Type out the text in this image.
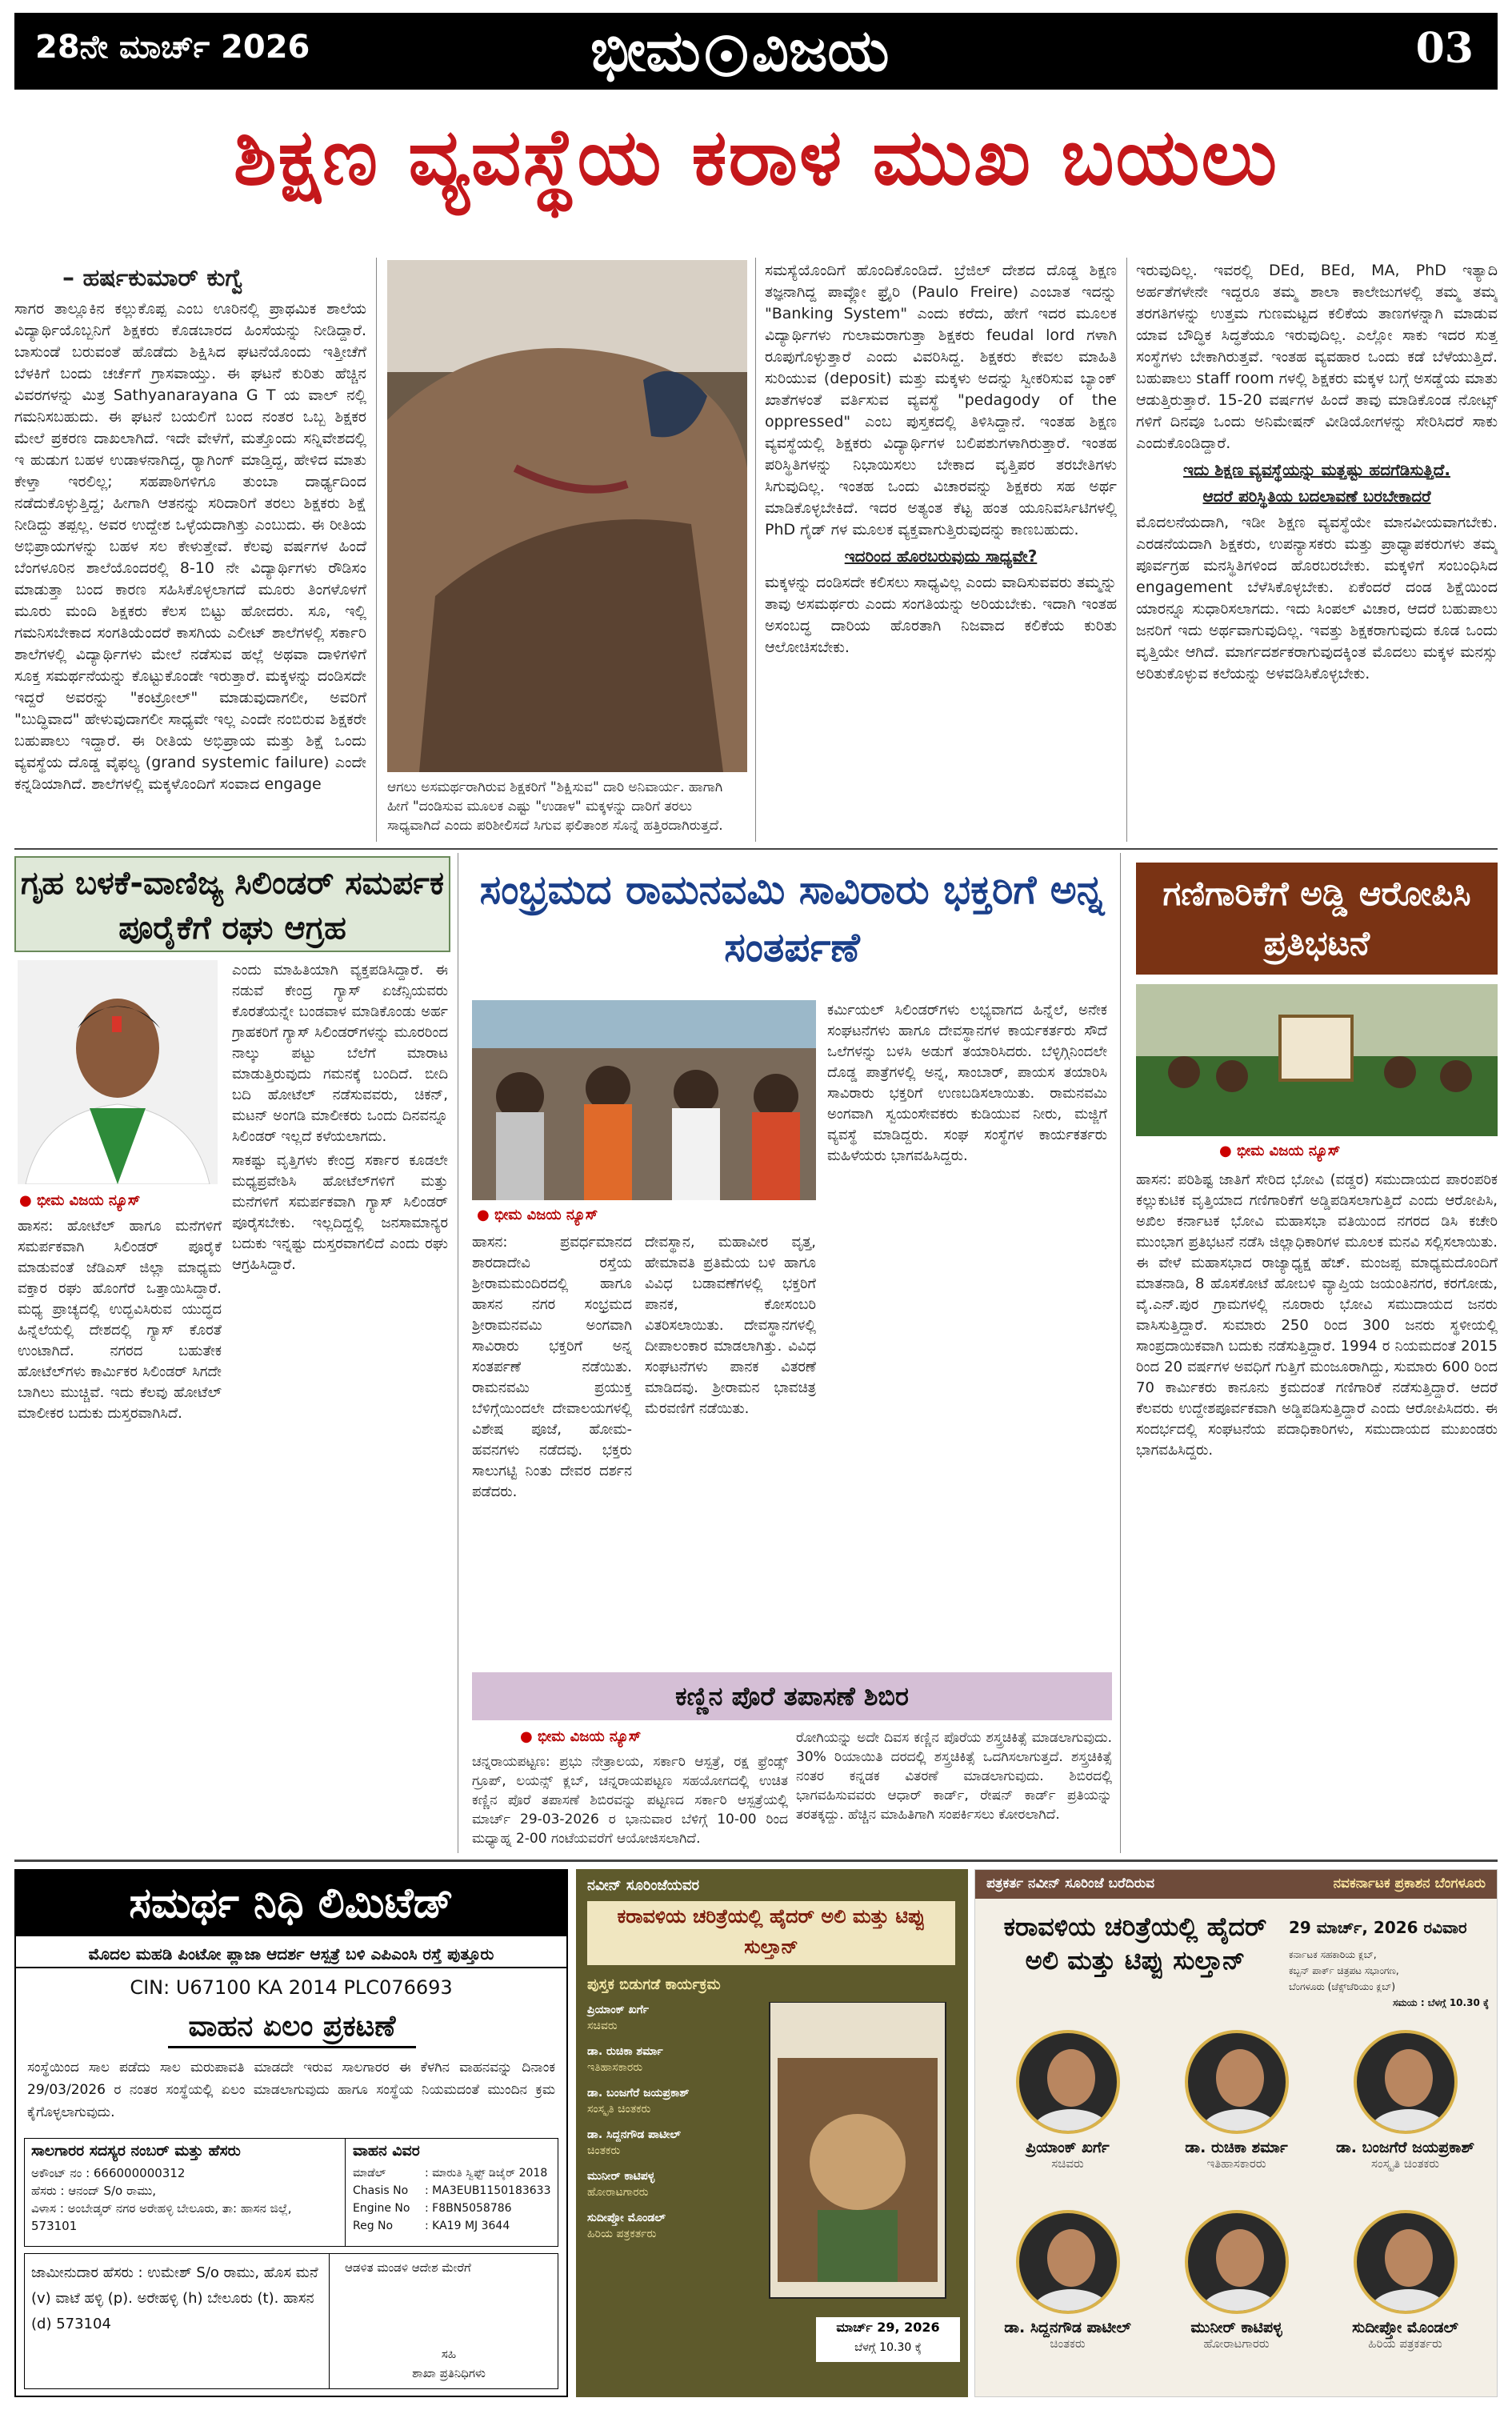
28ನೇ ಮಾರ್ಚ್ 2026	ಭೀಮ ವಿಜಯ	03
ಶಿಕ್ಷಣ ವ್ಯವಸ್ಥೆಯ ಕರಾಳ ಮುಖ ಬಯಲು
– ಹರ್ಷಕುಮಾರ್ ಕುಗ್ವೆ

ಸಾಗರ ತಾಲ್ಲೂಕಿನ ಕಲ್ಲುಕೊಪ್ಪ ಎಂಬ ಊರಿನಲ್ಲಿ ಪ್ರಾಥಮಿಕ ಶಾಲೆಯ ವಿದ್ಯಾರ್ಥಿಯೊಬ್ಬನಿಗೆ ಶಿಕ್ಷಕರು ಕೊಡಬಾರದ ಹಿಂಸೆಯನ್ನು ನೀಡಿದ್ದಾರೆ. ಬಾಸುಂಡೆ ಬರುವಂತೆ ಹೊಡೆದು ಶಿಕ್ಷಿಸಿದ ಘಟನೆಯೊಂದು ಇತ್ತೀಚೆಗೆ ಬೆಳಕಿಗೆ ಬಂದು ಚರ್ಚೆಗೆ ಗ್ರಾಸವಾಯ್ತು. ಈ ಘಟನೆ ಕುರಿತು ಹೆಚ್ಚಿನ ವಿವರಗಳನ್ನು ಮಿತ್ರ Sathyanarayana G T ಯ ವಾಲ್ ನಲ್ಲಿ ಗಮನಿಸಬಹುದು. ಈ ಘಟನೆ ಬಯಲಿಗೆ ಬಂದ ನಂತರ ಒಬ್ಬ ಶಿಕ್ಷಕರ ಮೇಲೆ ಪ್ರಕರಣ ದಾಖಲಾಗಿದೆ. ಇದೇ ವೇಳೆಗೆ, ಮತ್ತೊಂದು ಸನ್ನಿವೇಶದಲ್ಲಿ ಇ ಹುಡುಗ ಬಹಳ ಉಡಾಳನಾಗಿದ್ದ, ರ‍್ಯಾಗಿಂಗ್ ಮಾಡ್ತಿದ್ದ, ಹೇಳಿದ ಮಾತು ಕೇಳ್ತಾ ಇರಲಿಲ್ಲ; ಸಹಪಾಠಿಗಳಿಗೂ ತುಂಬಾ ದಾರ್ಢ್ಯದಿಂದ ನಡೆದುಕೊಳ್ಳುತ್ತಿದ್ದ; ಹೀಗಾಗಿ ಆತನನ್ನು ಸರಿದಾರಿಗೆ ತರಲು ಶಿಕ್ಷಕರು ಶಿಕ್ಷೆ ನೀಡಿದ್ದು ತಪ್ಪಲ್ಲ. ಅವರ ಉದ್ದೇಶ ಒಳ್ಳೆಯದಾಗಿತ್ತು ಎಂಬುದು. ಈ ರೀತಿಯ ಅಭಿಪ್ರಾಯಗಳನ್ನು ಬಹಳ ಸಲ ಕೇಳುತ್ತೇವೆ. ಕೆಲವು ವರ್ಷಗಳ ಹಿಂದೆ ಬೆಂಗಳೂರಿನ ಶಾಲೆಯೊಂದರಲ್ಲಿ 8-10 ನೇ ವಿದ್ಯಾರ್ಥಿಗಳು ರೌಡಿಸಂ ಮಾಡುತ್ತಾ ಬಂದ ಕಾರಣ ಸಹಿಸಿಕೊಳ್ಳಲಾಗದೆ ಮೂರು ತಿಂಗಳೊಳಗೆ ಮೂರು ಮಂದಿ ಶಿಕ್ಷಕರು ಕೆಲಸ ಬಿಟ್ಟು ಹೋದರು. ಸೂ, ಇಲ್ಲಿ ಗಮನಿಸಬೇಕಾದ ಸಂಗತಿಯೆಂದರೆ ಕಾಸಗಿಯ ಎಲೀಟ್ ಶಾಲೆಗಳಲ್ಲಿ ಸರ್ಕಾರಿ ಶಾಲೆಗಳಲ್ಲಿ ವಿದ್ಯಾರ್ಥಿಗಳು ಮೇಲೆ ನಡೆಸುವ ಹಲ್ಲೆ ಅಥವಾ ದಾಳಿಗಳಿಗೆ ಸೂಕ್ತ ಸಮರ್ಥನೆಯನ್ನು ಕೊಟ್ಟುಕೊಂಡೇ ಇರುತ್ತಾರೆ. ಮಕ್ಕಳನ್ನು ದಂಡಿಸದೇ ಇದ್ದರೆ ಅವರನ್ನು "ಕಂಟ್ರೋಲ್" ಮಾಡುವುದಾಗಲೀ, ಅವರಿಗೆ "ಬುದ್ಧಿವಾದ" ಹೇಳುವುದಾಗಲೀ ಸಾಧ್ಯವೇ ಇಲ್ಲ ಎಂದೇ ನಂಬಿರುವ ಶಿಕ್ಷಕರೇ ಬಹುಪಾಲು ಇದ್ದಾರೆ. ಈ ರೀತಿಯ ಅಭಿಪ್ರಾಯ ಮತ್ತು ಶಿಕ್ಷೆ ಒಂದು ವ್ಯವಸ್ಥೆಯ ದೊಡ್ಡ ವೈಫಲ್ಯ (grand systemic failure) ಎಂದೇ ಕನ್ನಡಿಯಾಗಿದೆ. ಶಾಲೆಗಳಲ್ಲಿ ಮಕ್ಕಳೊಂದಿಗೆ ಸಂವಾದ engage	ಆಗಲು ಅಸಮರ್ಥರಾಗಿರುವ ಶಿಕ್ಷಕರಿಗೆ "ಶಿಕ್ಷಿಸುವ" ದಾರಿ ಅನಿವಾರ್ಯ. ಹಾಗಾಗಿ ಹೀಗೆ "ದಂಡಿಸುವ ಮೂಲಕ ಎಷ್ಟು "ಉಡಾಳ" ಮಕ್ಕಳನ್ನು ದಾರಿಗೆ ತರಲು ಸಾಧ್ಯವಾಗಿದೆ ಎಂದು ಪರಿಶೀಲಿಸದೆ ಸಿಗುವ ಫಲಿತಾಂಶ ಸೊನ್ನೆ ಹತ್ತಿರದಾಗಿರುತ್ತದೆ.

ಸಮಸ್ಯೆಯೊಂದಿಗೆ ಹೊಂದಿಕೊಂಡಿದೆ. ಬ್ರೆಜಿಲ್ ದೇಶದ ದೊಡ್ಡ ಶಿಕ್ಷಣ ತಜ್ಞನಾಗಿದ್ದ ಪಾವ್ಲೋ ಫ್ರೈರಿ (Paulo Freire) ಎಂಬಾತ ಇದನ್ನು "Banking System" ಎಂದು ಕರೆದು, ಹೇಗೆ ಇದರ ಮೂಲಕ ವಿದ್ಯಾರ್ಥಿಗಳು ಗುಲಾಮರಾಗುತ್ತಾ ಶಿಕ್ಷಕರು feudal lord ಗಳಾಗಿ ರೂಪುಗೊಳ್ಳುತ್ತಾರೆ ಎಂದು ವಿವರಿಸಿದ್ದ. ಶಿಕ್ಷಕರು ಕೇವಲ ಮಾಹಿತಿ ಸುರಿಯುವ (deposit) ಮತ್ತು ಮಕ್ಕಳು ಅದನ್ನು ಸ್ವೀಕರಿಸುವ ಬ್ಯಾಂಕ್ ಖಾತೆಗಳಂತೆ ವರ್ತಿಸುವ ವ್ಯವಸ್ಥೆ "pedagody of the oppressed" ಎಂಬ ಪುಸ್ತಕದಲ್ಲಿ ತಿಳಿಸಿದ್ದಾನೆ. ಇಂತಹ ಶಿಕ್ಷಣ ವ್ಯವಸ್ಥೆಯಲ್ಲಿ ಶಿಕ್ಷಕರು ವಿದ್ಯಾರ್ಥಿಗಳ ಬಲಿಪಶುಗಳಾಗಿರುತ್ತಾರೆ. ಇಂತಹ ಪರಿಸ್ಥಿತಿಗಳನ್ನು ನಿಭಾಯಿಸಲು ಬೇಕಾದ ವೃತ್ತಿಪರ ತರಬೇತಿಗಳು ಸಿಗುವುದಿಲ್ಲ. ಇಂತಹ ಒಂದು ವಿಚಾರವನ್ನು ಶಿಕ್ಷಕರು ಸಹ ಅರ್ಥ ಮಾಡಿಕೊಳ್ಳಬೇಕಿದೆ. ಇದರ ಅತ್ಯಂತ ಕೆಟ್ಟ ಹಂತ ಯೂನಿವರ್ಸಿಟಿಗಳಲ್ಲಿ PhD ಗೈಡ್ ಗಳ ಮೂಲಕ ವ್ಯಕ್ತವಾಗುತ್ತಿರುವುದನ್ನು ಕಾಣಬಹುದು.

ಇದರಿಂದ ಹೊರಬರುವುದು ಸಾಧ್ಯವೇ?

ಮಕ್ಕಳನ್ನು ದಂಡಿಸದೇ ಕಲಿಸಲು ಸಾಧ್ಯವಿಲ್ಲ ಎಂದು ವಾದಿಸುವವರು ತಮ್ಮನ್ನು ತಾವು ಅಸಮರ್ಥರು ಎಂದು ಸಂಗತಿಯನ್ನು ಅರಿಯಬೇಕು. ಇದಾಗಿ ಇಂತಹ ಅಸಂಬದ್ಧ ದಾರಿಯ ಹೊರತಾಗಿ ನಿಜವಾದ ಕಲಿಕೆಯ ಕುರಿತು ಆಲೋಚಿಸಬೇಕು.

ಇರುವುದಿಲ್ಲ. ಇವರಲ್ಲಿ DEd, BEd, MA, PhD ಇತ್ಯಾದಿ ಅರ್ಹತೆಗಳೇನೇ ಇದ್ದರೂ ತಮ್ಮ ಶಾಲಾ ಕಾಲೇಜುಗಳಲ್ಲಿ ತಮ್ಮ ತಮ್ಮ ತರಗತಿಗಳನ್ನು ಉತ್ತಮ ಗುಣಮಟ್ಟದ ಕಲಿಕೆಯ ತಾಣಗಳನ್ನಾಗಿ ಮಾಡುವ ಯಾವ ಬೌದ್ಧಿಕ ಸಿದ್ಧತೆಯೂ ಇರುವುದಿಲ್ಲ. ಎಲ್ಲೋ ಸಾಕು ಇದರ ಸುತ್ತ ಸಂಸ್ಥೆಗಳು ಬೇಕಾಗಿರುತ್ತವೆ. ಇಂತಹ ವ್ಯವಹಾರ ಒಂದು ಕಡೆ ಬೆಳೆಯುತ್ತಿದೆ. ಬಹುಪಾಲು staff room ಗಳಲ್ಲಿ ಶಿಕ್ಷಕರು ಮಕ್ಕಳ ಬಗ್ಗೆ ಅಸಡ್ಡೆಯ ಮಾತು ಆಡುತ್ತಿರುತ್ತಾರೆ. 15-20 ವರ್ಷಗಳ ಹಿಂದೆ ತಾವು ಮಾಡಿಕೊಂಡ ನೋಟ್ಸ್ ಗಳಿಗೆ ದಿನವೂ ಒಂದು ಅನಿಮೇಷನ್ ವೀಡಿಯೋಗಳನ್ನು ಸೇರಿಸಿದರೆ ಸಾಕು ಎಂದುಕೊಂಡಿದ್ದಾರೆ.

ಇದು ಶಿಕ್ಷಣ ವ್ಯವಸ್ಥೆಯನ್ನು ಮತ್ತಷ್ಟು ಹದಗೆಡಿಸುತ್ತಿದೆ.
ಆದರೆ ಪರಿಸ್ಥಿತಿಯ ಬದಲಾವಣೆ ಬರಬೇಕಾದರೆ

ಮೊದಲನೆಯದಾಗಿ, ಇಡೀ ಶಿಕ್ಷಣ ವ್ಯವಸ್ಥೆಯೇ ಮಾನವೀಯವಾಗಬೇಕು. ಎರಡನೆಯದಾಗಿ ಶಿಕ್ಷಕರು, ಉಪನ್ಯಾಸಕರು ಮತ್ತು ಪ್ರಾಧ್ಯಾಪಕರುಗಳು ತಮ್ಮ ಪೂರ್ವಗ್ರಹ ಮನಸ್ಥಿತಿಗಳಿಂದ ಹೊರಬರಬೇಕು. ಮಕ್ಕಳಿಗೆ ಸಂಬಂಧಿಸಿದ engagement ಬೆಳೆಸಿಕೊಳ್ಳಬೇಕು. ಏಕೆಂದರೆ ದಂಡ ಶಿಕ್ಷೆಯಿಂದ ಯಾರನ್ನೂ ಸುಧಾರಿಸಲಾಗದು. ಇದು ಸಿಂಪಲ್ ವಿಚಾರ, ಆದರೆ ಬಹುಪಾಲು ಜನರಿಗೆ ಇದು ಅರ್ಥವಾಗುವುದಿಲ್ಲ. ಇವತ್ತು ಶಿಕ್ಷಕರಾಗುವುದು ಕೂಡ ಒಂದು ವೃತ್ತಿಯೇ ಆಗಿದೆ. ಮಾರ್ಗದರ್ಶಕರಾಗುವುದಕ್ಕಿಂತ ಮೊದಲು ಮಕ್ಕಳ ಮನಸ್ಸು ಅರಿತುಕೊಳ್ಳುವ ಕಲೆಯನ್ನು ಅಳವಡಿಸಿಕೊಳ್ಳಬೇಕು.

ಗೃಹ ಬಳಕೆ-ವಾಣಿಜ್ಯ ಸಿಲಿಂಡರ್ ಸಮರ್ಪಕ ಪೂರೈಕೆಗೆ ರಘು ಆಗ್ರಹ
● ಭೀಮ ವಿಜಯ ನ್ಯೂಸ್

ಹಾಸನ: ಹೋಟೆಲ್ ಹಾಗೂ ಮನೆಗಳಿಗೆ ಸಮರ್ಪಕವಾಗಿ ಸಿಲಿಂಡರ್ ಪೂರೈಕೆ ಮಾಡುವಂತೆ ಜೆಡಿಎಸ್ ಜಿಲ್ಲಾ ಮಾಧ್ಯಮ ವಕ್ತಾರ ರಘು ಹೊಂಗೆರೆ ಒತ್ತಾಯಿಸಿದ್ದಾರೆ. ಮಧ್ಯ ಪ್ರಾಚ್ಯದಲ್ಲಿ ಉದ್ಭವಿಸಿರುವ ಯುದ್ಧದ ಹಿನ್ನೆಲೆಯಲ್ಲಿ ದೇಶದಲ್ಲಿ ಗ್ಯಾಸ್ ಕೊರತೆ ಉಂಟಾಗಿದೆ. ನಗರದ ಬಹುತೇಕ ಹೋಟೆಲ್‌ಗಳು ಕಾರ್ಮಿಕರ ಸಿಲಿಂಡರ್ ಸಿಗದೇ ಬಾಗಿಲು ಮುಚ್ಚಿವೆ. ಇದು ಕೆಲವು ಹೋಟೆಲ್ ಮಾಲೀಕರ ಬದುಕು ದುಸ್ತರವಾಗಿಸಿದೆ.

ಎಂದು ಮಾಹಿತಿಯಾಗಿ ವ್ಯಕ್ತಪಡಿಸಿದ್ದಾರೆ. ಈ ನಡುವೆ ಕೇಂದ್ರ ಗ್ಯಾಸ್ ಏಜೆನ್ಸಿಯವರು ಕೊರತೆಯನ್ನೇ ಬಂಡವಾಳ ಮಾಡಿಕೊಂಡು ಅರ್ಹ ಗ್ರಾಹಕರಿಗೆ ಗ್ಯಾಸ್ ಸಿಲಿಂಡರ್‌ಗಳನ್ನು ಮೂರರಿಂದ ನಾಲ್ಕು ಪಟ್ಟು ಬೆಲೆಗೆ ಮಾರಾಟ ಮಾಡುತ್ತಿರುವುದು ಗಮನಕ್ಕೆ ಬಂದಿದೆ. ಬೀದಿ ಬದಿ ಹೋಟೆಲ್ ನಡೆಸುವವರು, ಚಿಕನ್, ಮಟನ್ ಅಂಗಡಿ ಮಾಲೀಕರು ಒಂದು ದಿನವನ್ನೂ ಸಿಲಿಂಡರ್ ಇಲ್ಲದೆ ಕಳೆಯಲಾಗದು.

ಸಾಕಷ್ಟು ವೃತ್ತಿಗಳು ಕೇಂದ್ರ ಸರ್ಕಾರ ಕೂಡಲೇ ಮಧ್ಯಪ್ರವೇಶಿಸಿ ಹೋಟೆಲ್‌ಗಳಿಗೆ ಮತ್ತು ಮನೆಗಳಿಗೆ ಸಮರ್ಪಕವಾಗಿ ಗ್ಯಾಸ್ ಸಿಲಿಂಡರ್ ಪೂರೈಸಬೇಕು. ಇಲ್ಲದಿದ್ದಲ್ಲಿ ಜನಸಾಮಾನ್ಯರ ಬದುಕು ಇನ್ನಷ್ಟು ದುಸ್ತರವಾಗಲಿದೆ ಎಂದು ರಘು ಆಗ್ರಹಿಸಿದ್ದಾರೆ.

ಸಂಭ್ರಮದ ರಾಮನವಮಿ ಸಾವಿರಾರು ಭಕ್ತರಿಗೆ ಅನ್ನ ಸಂತರ್ಪಣೆ
● ಭೀಮ ವಿಜಯ ನ್ಯೂಸ್

ಹಾಸನ: ಪ್ರವರ್ಧಮಾನದ ಶಾರದಾದೇವಿ ರಸ್ತೆಯ ಶ್ರೀರಾಮಮಂದಿರದಲ್ಲಿ ಹಾಗೂ ಹಾಸನ ನಗರ ಸಂಭ್ರಮದ ಶ್ರೀರಾಮನವಮಿ ಅಂಗವಾಗಿ ಸಾವಿರಾರು ಭಕ್ತರಿಗೆ ಅನ್ನ ಸಂತರ್ಪಣೆ ನಡೆಯಿತು. ರಾಮನವಮಿ ಪ್ರಯುಕ್ತ ಬೆಳಿಗ್ಗೆಯಿಂದಲೇ ದೇವಾಲಯಗಳಲ್ಲಿ ವಿಶೇಷ ಪೂಜೆ, ಹೋಮ-ಹವನಗಳು ನಡೆದವು. ಭಕ್ತರು ಸಾಲುಗಟ್ಟಿ ನಿಂತು ದೇವರ ದರ್ಶನ ಪಡೆದರು.

ದೇವಸ್ಥಾನ, ಮಹಾವೀರ ವೃತ್ತ, ಹೇಮಾವತಿ ಪ್ರತಿಮೆಯ ಬಳಿ ಹಾಗೂ ವಿವಿಧ ಬಡಾವಣೆಗಳಲ್ಲಿ ಭಕ್ತರಿಗೆ ಪಾನಕ, ಕೋಸಂಬರಿ ವಿತರಿಸಲಾಯಿತು. ದೇವಸ್ಥಾನಗಳಲ್ಲಿ ದೀಪಾಲಂಕಾರ ಮಾಡಲಾಗಿತ್ತು. ವಿವಿಧ ಸಂಘಟನೆಗಳು ಪಾನಕ ವಿತರಣೆ ಮಾಡಿದವು. ಶ್ರೀರಾಮನ ಭಾವಚಿತ್ರ ಮೆರವಣಿಗೆ ನಡೆಯಿತು.

ಕರ್ಮಿಯಲ್ ಸಿಲಿಂಡರ್‌ಗಳು ಲಭ್ಯವಾಗದ ಹಿನ್ನೆಲೆ, ಅನೇಕ ಸಂಘಟನೆಗಳು ಹಾಗೂ ದೇವಸ್ಥಾನಗಳ ಕಾರ್ಯಕರ್ತರು ಸೌದೆ ಒಲೆಗಳನ್ನು ಬಳಸಿ ಅಡುಗೆ ತಯಾರಿಸಿದರು. ಬೆಳ್ಳಿಗ್ಗಿನಿಂದಲೇ ದೊಡ್ಡ ಪಾತ್ರೆಗಳಲ್ಲಿ ಅನ್ನ, ಸಾಂಬಾರ್, ಪಾಯಸ ತಯಾರಿಸಿ ಸಾವಿರಾರು ಭಕ್ತರಿಗೆ ಉಣಬಡಿಸಲಾಯಿತು. ರಾಮನವಮಿ ಅಂಗವಾಗಿ ಸ್ವಯಂಸೇವಕರು ಕುಡಿಯುವ ನೀರು, ಮಜ್ಜಿಗೆ ವ್ಯವಸ್ಥೆ ಮಾಡಿದ್ದರು. ಸಂಘ ಸಂಸ್ಥೆಗಳ ಕಾರ್ಯಕರ್ತರು ಮಹಿಳೆಯರು ಭಾಗವಹಿಸಿದ್ದರು.

ಗಣಿಗಾರಿಕೆಗೆ ಅಡ್ಡಿ ಆರೋಪಿಸಿ ಪ್ರತಿಭಟನೆ
● ಭೀಮ ವಿಜಯ ನ್ಯೂಸ್

ಹಾಸನ: ಪರಿಶಿಷ್ಟ ಜಾತಿಗೆ ಸೇರಿದ ಭೋವಿ (ವಡ್ಡರ) ಸಮುದಾಯದ ಪಾರಂಪರಿಕ ಕಲ್ಲುಕುಟಿಕ ವೃತ್ತಿಯಾದ ಗಣಿಗಾರಿಕೆಗೆ ಅಡ್ಡಿಪಡಿಸಲಾಗುತ್ತಿದೆ ಎಂದು ಆರೋಪಿಸಿ, ಅಖಿಲ ಕರ್ನಾಟಕ ಭೋವಿ ಮಹಾಸಭಾ ವತಿಯಿಂದ ನಗರದ ಡಿಸಿ ಕಚೇರಿ ಮುಂಭಾಗ ಪ್ರತಿಭಟನೆ ನಡೆಸಿ ಜಿಲ್ಲಾಧಿಕಾರಿಗಳ ಮೂಲಕ ಮನವಿ ಸಲ್ಲಿಸಲಾಯಿತು. ಈ ವೇಳೆ ಮಹಾಸಭಾದ ರಾಜ್ಯಾಧ್ಯಕ್ಷ ಹೆಚ್. ಮಂಜಪ್ಪ ಮಾಧ್ಯಮದೊಂದಿಗೆ ಮಾತನಾಡಿ, 8 ಹೊಸಕೋಟೆ ಹೋಬಳಿ ವ್ಯಾಪ್ತಿಯ ಜಯಂತಿನಗರ, ಕರಗೋಡು, ವೈ.ಎನ್.ಪುರ ಗ್ರಾಮಗಳಲ್ಲಿ ನೂರಾರು ಭೋವಿ ಸಮುದಾಯದ ಜನರು ವಾಸಿಸುತ್ತಿದ್ದಾರೆ. ಸುಮಾರು 250 ರಿಂದ 300 ಜನರು ಸ್ಥಳೀಯಲ್ಲಿ ಸಾಂಪ್ರದಾಯಿಕವಾಗಿ ಬದುಕು ನಡೆಸುತ್ತಿದ್ದಾರೆ. 1994 ರ ನಿಯಮದಂತೆ 2015 ರಿಂದ 20 ವರ್ಷಗಳ ಅವಧಿಗೆ ಗುತ್ತಿಗೆ ಮಂಜೂರಾಗಿದ್ದು, ಸುಮಾರು 600 ರಿಂದ 70 ಕಾರ್ಮಿಕರು ಕಾನೂನು ಕ್ರಮದಂತೆ ಗಣಿಗಾರಿಕೆ ನಡೆಸುತ್ತಿದ್ದಾರೆ. ಆದರೆ ಕೆಲವರು ಉದ್ದೇಶಪೂರ್ವಕವಾಗಿ ಅಡ್ಡಿಪಡಿಸುತ್ತಿದ್ದಾರೆ ಎಂದು ಆರೋಪಿಸಿದರು. ಈ ಸಂದರ್ಭದಲ್ಲಿ ಸಂಘಟನೆಯ ಪದಾಧಿಕಾರಿಗಳು, ಸಮುದಾಯದ ಮುಖಂಡರು ಭಾಗವಹಿಸಿದ್ದರು.

ಕಣ್ಣಿನ ಪೊರೆ ತಪಾಸಣೆ ಶಿಬಿರ
● ಭೀಮ ವಿಜಯ ನ್ಯೂಸ್

ಚನ್ನರಾಯಪಟ್ಟಣ: ಪ್ರಭು ನೇತ್ರಾಲಯ, ಸರ್ಕಾರಿ ಆಸ್ಪತ್ರೆ, ರಕ್ಷ ಫ್ರೆಂಡ್ಸ್ ಗ್ರೂಪ್, ಲಯನ್ಸ್ ಕ್ಲಬ್, ಚನ್ನರಾಯಪಟ್ಟಣ ಸಹಯೋಗದಲ್ಲಿ ಉಚಿತ ಕಣ್ಣಿನ ಪೊರೆ ತಪಾಸಣೆ ಶಿಬಿರವನ್ನು ಪಟ್ಟಣದ ಸರ್ಕಾರಿ ಆಸ್ಪತ್ರೆಯಲ್ಲಿ ಮಾರ್ಚ್ 29-03-2026 ರ ಭಾನುವಾರ ಬೆಳಿಗ್ಗೆ 10-00 ರಿಂದ ಮಧ್ಯಾಹ್ನ 2-00 ಗಂಟೆಯವರೆಗೆ ಆಯೋಜಿಸಲಾಗಿದೆ.

ರೋಗಿಯನ್ನು ಅದೇ ದಿವಸ ಕಣ್ಣಿನ ಪೊರೆಯ ಶಸ್ತ್ರಚಿಕಿತ್ಸೆ ಮಾಡಲಾಗುವುದು. 30% ರಿಯಾಯಿತಿ ದರದಲ್ಲಿ ಶಸ್ತ್ರಚಿಕಿತ್ಸೆ ಒದಗಿಸಲಾಗುತ್ತದೆ. ಶಸ್ತ್ರಚಿಕಿತ್ಸೆ ನಂತರ ಕನ್ನಡಕ ವಿತರಣೆ ಮಾಡಲಾಗುವುದು. ಶಿಬಿರದಲ್ಲಿ ಭಾಗವಹಿಸುವವರು ಆಧಾರ್ ಕಾರ್ಡ್, ರೇಷನ್ ಕಾರ್ಡ್ ಪ್ರತಿಯನ್ನು ತರತಕ್ಕದ್ದು. ಹೆಚ್ಚಿನ ಮಾಹಿತಿಗಾಗಿ ಸಂಪರ್ಕಿಸಲು ಕೋರಲಾಗಿದೆ.

ಸಮರ್ಥ ನಿಧಿ ಲಿಮಿಟೆಡ್
ಮೊದಲ ಮಹಡಿ ಪಿಂಟೋ ಪ್ಲಾಜಾ ಆದರ್ಶ ಆಸ್ಪತ್ರೆ ಬಳಿ ಎಪಿಎಂಸಿ ರಸ್ತೆ ಪುತ್ತೂರು
CIN: U67100 KA 2014 PLC076693
ವಾಹನ ಏಲಂ ಪ್ರಕಟಣೆ
ಸಂಸ್ಥೆಯಿಂದ ಸಾಲ ಪಡೆದು ಸಾಲ ಮರುಪಾವತಿ ಮಾಡದೇ ಇರುವ ಸಾಲಗಾರರ ಈ ಕೆಳಗಿನ ವಾಹನವನ್ನು ದಿನಾಂಕ 29/03/2026 ರ ನಂತರ ಸಂಸ್ಥೆಯಲ್ಲಿ ಏಲಂ ಮಾಡಲಾಗುವುದು ಹಾಗೂ ಸಂಸ್ಥೆಯ ನಿಯಮದಂತೆ ಮುಂದಿನ ಕ್ರಮ ಕೈಗೊಳ್ಳಲಾಗುವುದು.
ಸಾಲಗಾರರ ಸದಸ್ಯರ ನಂಬರ್ ಮತ್ತು ಹೆಸರು
ಅಕೌಂಟ್ ನಂ : 666000000312
ಹೆಸರು : ಆನಂದ್ S/o ರಾಮು,
ವಿಳಾಸ : ಅಂಬೇಡ್ಕರ್ ನಗರ ಅರೇಹಳ್ಳಿ ಬೇಲೂರು, ತಾ: ಹಾಸನ ಜಿಲ್ಲೆ, 573101
ವಾಹನ ವಿವರ
ಮಾಡೆಲ್	: ಮಾರುತಿ ಸ್ವಿಫ್ಟ್ ಡಿಜೈರ್ 2018
Chasis No	: MA3EUB1150183633
Engine No	: F8BN5058786
Reg No	: KA19 MJ 3644
ಜಾಮೀನುದಾರ ಹೆಸರು : ಉಮೇಶ್ S/o ರಾಮು, ಹೊಸ ಮನೆ (v) ವಾಟೆ ಹಳ್ಳಿ (p). ಅರೇಹಳ್ಳಿ (h) ಬೇಲೂರು (t). ಹಾಸನ (d) 573104
ಆಡಳಿತ ಮಂಡಳಿ ಆದೇಶ ಮೇರೆಗೆ
ಸಹಿ
ಶಾಖಾ ಪ್ರತಿನಿಧಿಗಳು
ನವೀನ್ ಸೂರಿಂಜೆಯವರ
ಕರಾವಳಿಯ ಚರಿತ್ರೆಯಲ್ಲಿ ಹೈದರ್ ಅಲಿ ಮತ್ತು ಟಿಪ್ಪು ಸುಲ್ತಾನ್
ಪುಸ್ತಕ ಬಿಡುಗಡೆ ಕಾರ್ಯಕ್ರಮ
ಪ್ರಿಯಾಂಕ್ ಖರ್ಗೆ
ಸಚಿವರು
ಡಾ. ರುಚಿಕಾ ಶರ್ಮಾ
ಇತಿಹಾಸಕಾರರು
ಡಾ. ಬಂಜಗೆರೆ ಜಯಪ್ರಕಾಶ್
ಸಂಸ್ಕೃತಿ ಚಿಂತಕರು
ಡಾ. ಸಿದ್ದನಗೌಡ ಪಾಟೀಲ್
ಚಿಂತಕರು
ಮುನೀರ್ ಕಾಟಿಪಳ್ಳ
ಹೋರಾಟಗಾರರು
ಸುದೀಪ್ತೋ ಮೊಂಡಲ್
ಹಿರಿಯ ಪತ್ರಕರ್ತರು
ಮಾರ್ಚ್ 29, 2026
ಬೆಳಗ್ಗೆ 10.30 ಕ್ಕೆ
ಪತ್ರಕರ್ತ ನವೀನ್ ಸೂರಿಂಜೆ ಬರೆದಿರುವ	ನವಕರ್ನಾಟಕ ಪ್ರಕಾಶನ ಬೆಂಗಳೂರು
ಕರಾವಳಿಯ ಚರಿತ್ರೆಯಲ್ಲಿ ಹೈದರ್ ಅಲಿ ಮತ್ತು ಟಿಪ್ಪು ಸುಲ್ತಾನ್
29 ಮಾರ್ಚ್, 2026 ರವಿವಾರ
ಕರ್ನಾಟಕ ಸಹಕಾರಿಯ ಕ್ಲಬ್,
ಕಬ್ಬನ್ ಪಾರ್ಕ್ ಚಿತ್ರಪಟ ಸಭಾಂಗಣ,
ಬೆಂಗಳೂರು (ಚೆಕ್ಸ್‌ಚೆರಿಯಂ ಕ್ಲಬ್)
ಸಮಯ : ಬೆಳಗ್ಗೆ 10.30 ಕ್ಕೆ
ಪ್ರಿಯಾಂಕ್ ಖರ್ಗೆ
ಸಚಿವರು
ಡಾ. ರುಚಿಕಾ ಶರ್ಮಾ
ಇತಿಹಾಸಕಾರರು
ಡಾ. ಬಂಜಗೆರೆ ಜಯಪ್ರಕಾಶ್
ಸಂಸ್ಕೃತಿ ಚಿಂತಕರು
ಡಾ. ಸಿದ್ದನಗೌಡ ಪಾಟೀಲ್
ಚಿಂತಕರು
ಮುನೀರ್ ಕಾಟಿಪಳ್ಳ
ಹೋರಾಟಗಾರರು
ಸುದೀಪ್ತೋ ಮೊಂಡಲ್
ಹಿರಿಯ ಪತ್ರಕರ್ತರು
